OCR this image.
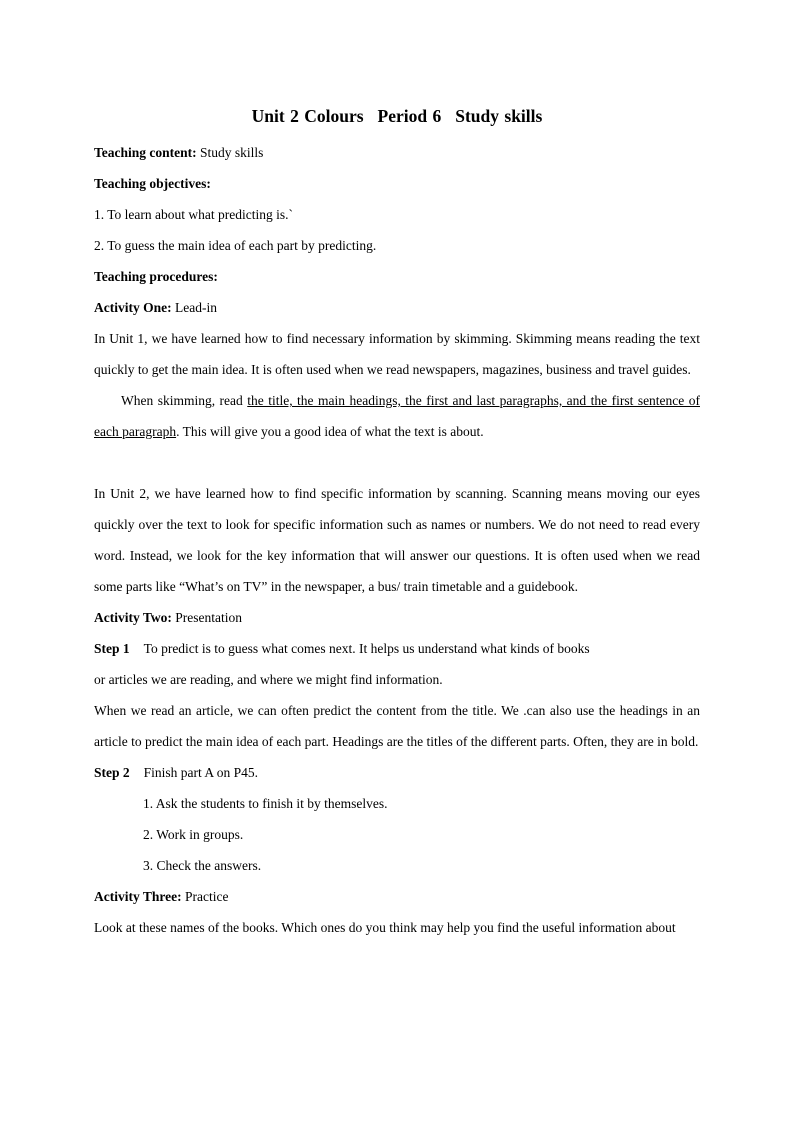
Unit 2 Colours Period 6 Study skills

Teaching content: Study skills

Teaching objectives:

1. To learn about what predicting is.`

2. To guess the main idea of each part by predicting.

Teaching procedures:

Activity One: Lead-in

In Unit 1, we have learned how to find necessary information by skimming. Skimming means reading the text quickly to get the main idea. It is often used when we read newspapers, magazines, business and travel guides.

When skimming, read the title, the main headings, the first and last paragraphs, and the first sentence of each paragraph. This will give you a good idea of what the text is about.

In Unit 2, we have learned how to find specific information by scanning. Scanning means moving our eyes quickly over the text to look for specific information such as names or numbers. We do not need to read every word. Instead, we look for the key information that will answer our questions. It is often used when we read some parts like “What’s on TV” in the newspaper, a bus/ train timetable and a guidebook.

Activity Two: Presentation

Step 1 To predict is to guess what comes next. It helps us understand what kinds of books

or articles we are reading, and where we might find information.

When we read an article, we can often predict the content from the title. We .can also use the headings in an article to predict the main idea of each part. Headings are the titles of the different parts. Often, they are in bold.

Step 2 Finish part A on P45.

1. Ask the students to finish it by themselves.

2. Work in groups.

3. Check the answers.

Activity Three: Practice

Look at these names of the books. Which ones do you think may help you find the useful information about
